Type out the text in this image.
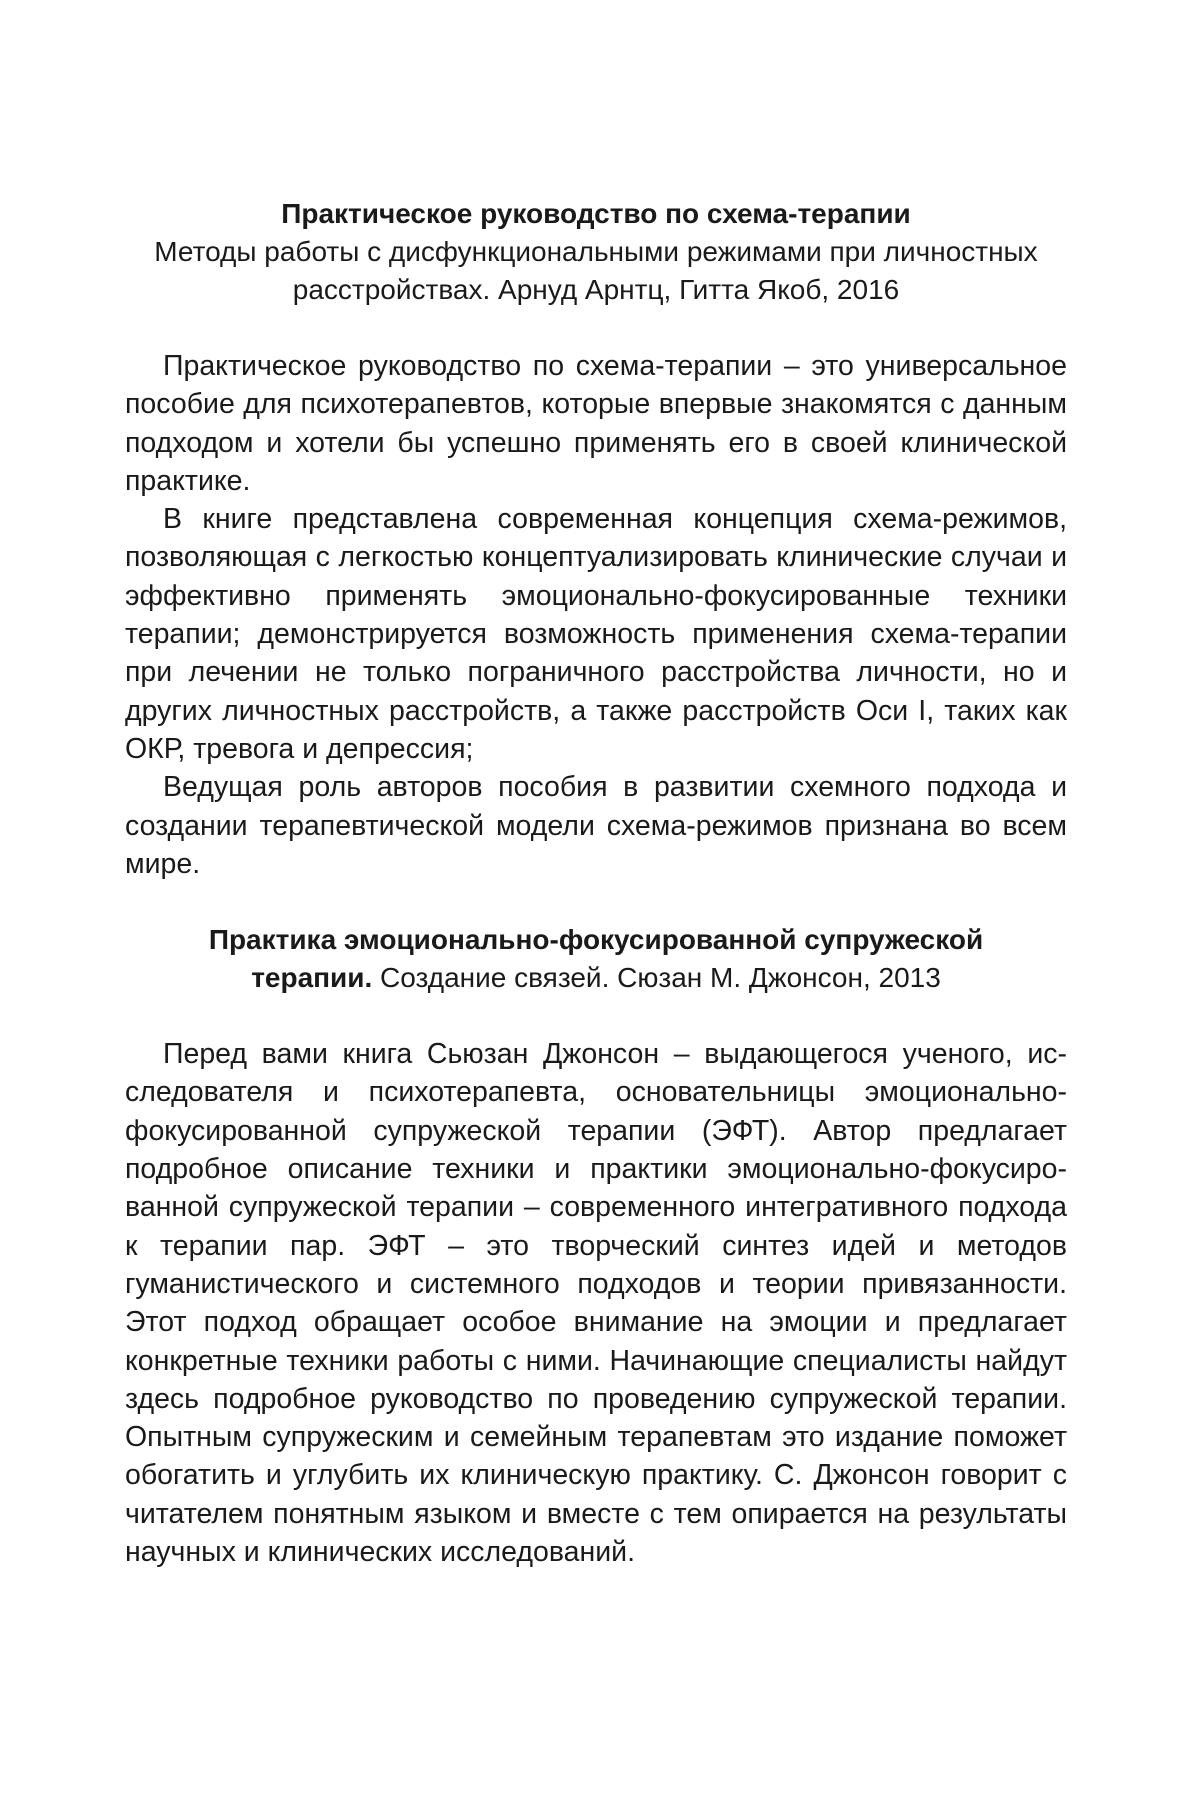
Практическое руководство по схема-терапии
Методы работы с дисфункциональными режимами при личностных
расстройствах. Арнуд Арнтц, Гитта Якоб, 2016

Практическое руководство по схема-терапии – это универсальное пособие для психотерапевтов, которые впервые знакомятся с данным подходом и хотели бы успешно применять его в своей клинической практике.

В книге представлена современная концепция схема-режимов, позволяющая с легкостью концептуализировать клинические случаи и эффективно применять эмоционально-фокусированные техники терапии; демонстрируется возможность применения схема-терапии при лечении не только пограничного расстройства личности, но и других личностных расстройств, а также расстройств Оси I, таких как ОКР, тревога и депрессия;

Ведущая роль авторов пособия в развитии схемного подхода и создании терапевтической модели схема-режимов признана во всем мире.

Практика эмоционально-фокусированной супружеской
терапии. Создание связей. Сюзан М. Джонсон, 2013

Перед вами книга Сьюзан Джонсон – выдающегося ученого, исследователя и психотерапевта, основательницы эмоционально-фокусированной супружеской терапии (ЭФТ). Автор предлагает подробное описание техники и практики эмоционально-фокусированной супружеской терапии – современного интегративного подхода к терапии пар. ЭФТ – это творческий синтез идей и методов гуманистического и системного подходов и теории привязанности. Этот подход обращает особое внимание на эмоции и предлагает конкретные техники работы с ними. Начинающие специалисты найдут здесь подробное руководство по проведению супружеской терапии. Опытным супружеским и семейным терапевтам это издание поможет обогатить и углубить их клиническую практику. С. Джонсон говорит с читателем понятным языком и вместе с тем опирается на результаты научных и клинических исследований.
